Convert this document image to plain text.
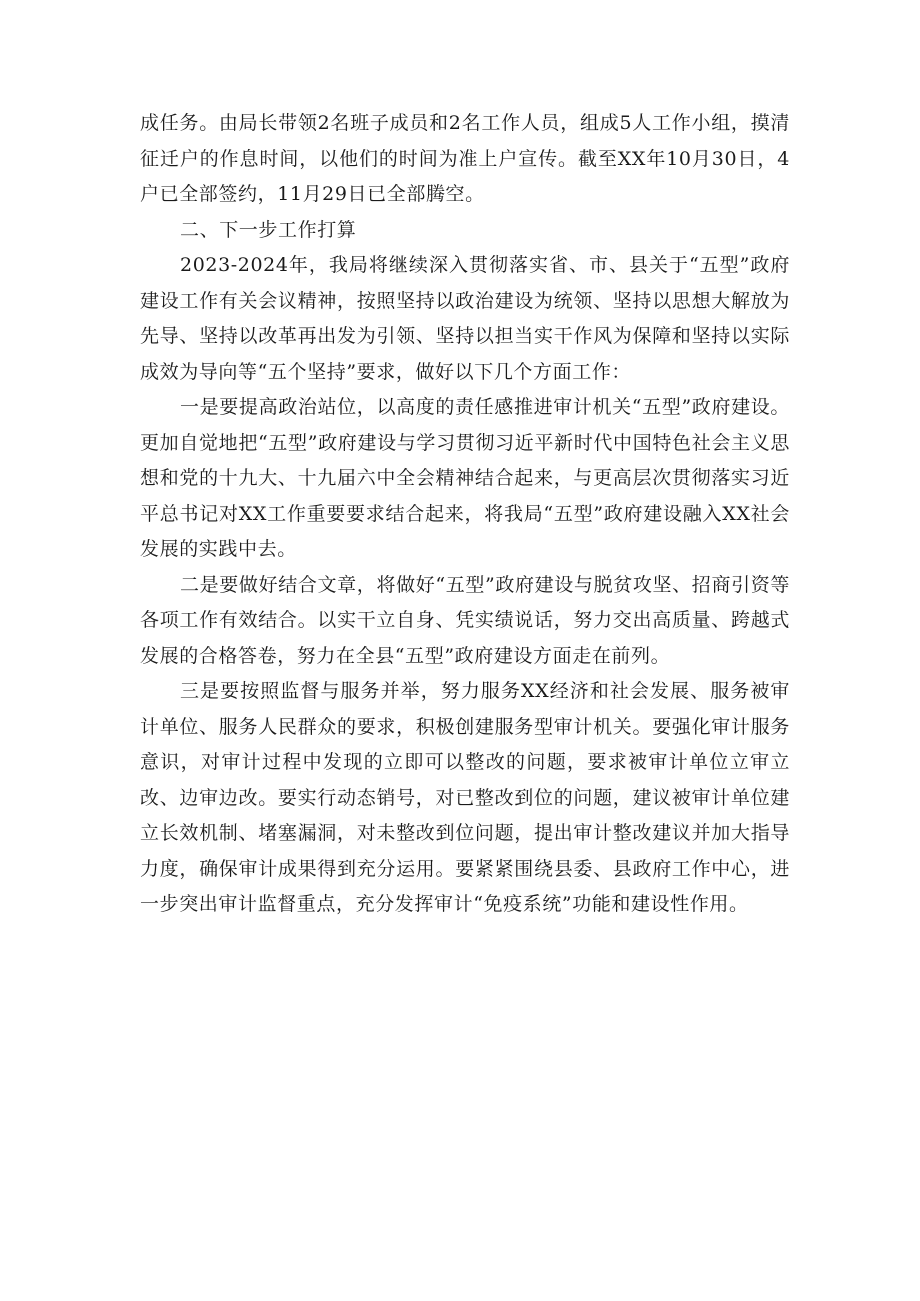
成任务。由局长带领2名班子成员和2名工作人员，组成5人工作小组，摸清征迁户的作息时间，以他们的时间为准上户宣传。截至XX年10月30日，4户已全部签约，11月29日已全部腾空。

二、下一步工作打算

2023-2024年，我局将继续深入贯彻落实省、市、县关于“五型”政府建设工作有关会议精神，按照坚持以政治建设为统领、坚持以思想大解放为先导、坚持以改革再出发为引领、坚持以担当实干作风为保障和坚持以实际成效为导向等“五个坚持”要求，做好以下几个方面工作：

一是要提高政治站位，以高度的责任感推进审计机关“五型”政府建设。更加自觉地把“五型”政府建设与学习贯彻习近平新时代中国特色社会主义思想和党的十九大、十九届六中全会精神结合起来，与更高层次贯彻落实习近平总书记对XX工作重要要求结合起来，将我局“五型”政府建设融入XX社会发展的实践中去。

二是要做好结合文章，将做好“五型”政府建设与脱贫攻坚、招商引资等各项工作有效结合。以实干立自身、凭实绩说话，努力交出高质量、跨越式发展的合格答卷，努力在全县“五型”政府建设方面走在前列。

三是要按照监督与服务并举，努力服务XX经济和社会发展、服务被审计单位、服务人民群众的要求，积极创建服务型审计机关。要强化审计服务意识，对审计过程中发现的立即可以整改的问题，要求被审计单位立审立改、边审边改。要实行动态销号，对已整改到位的问题，建议被审计单位建立长效机制、堵塞漏洞，对未整改到位问题，提出审计整改建议并加大指导力度，确保审计成果得到充分运用。要紧紧围绕县委、县政府工作中心，进一步突出审计监督重点，充分发挥审计“免疫系统”功能和建设性作用。
